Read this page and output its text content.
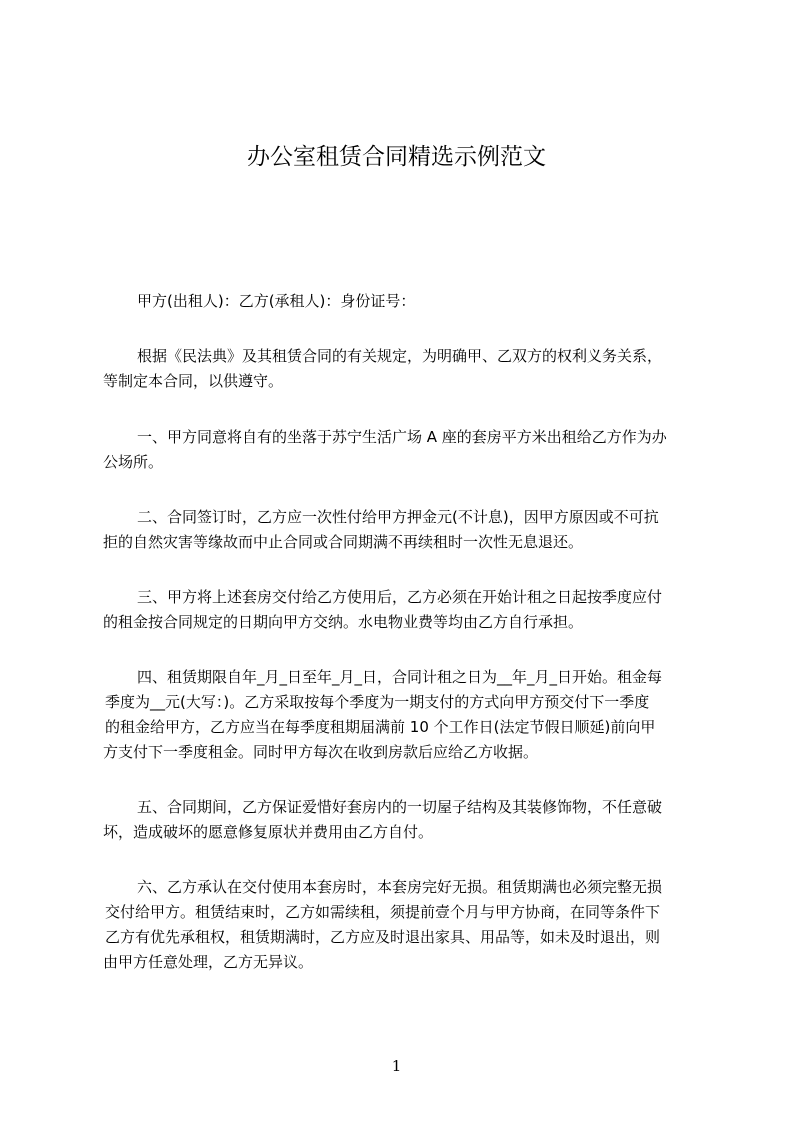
办公室租赁合同精选示例范文
甲方(出租人)：乙方(承租人)：身份证号：
根据《民法典》及其租赁合同的有关规定，为明确甲、乙双方的权利义务关系，
等制定本合同，以供遵守。
一、甲方同意将自有的坐落于苏宁生活广场 A 座的套房平方米出租给乙方作为办
公场所。
二、合同签订时，乙方应一次性付给甲方押金元(不计息)，因甲方原因或不可抗
拒的自然灾害等缘故而中止合同或合同期满不再续租时一次性无息退还。
三、甲方将上述套房交付给乙方使用后，乙方必须在开始计租之日起按季度应付
的租金按合同规定的日期向甲方交纳。水电物业费等均由乙方自行承担。
四、租赁期限自年_月_日至年_月_日，合同计租之日为__年_月_日开始。租金每
季度为__元(大写：)。乙方采取按每个季度为一期支付的方式向甲方预交付下一季度
的租金给甲方，乙方应当在每季度租期届满前 10 个工作日(法定节假日顺延)前向甲
方支付下一季度租金。同时甲方每次在收到房款后应给乙方收据。
五、合同期间，乙方保证爱惜好套房内的一切屋子结构及其装修饰物，不任意破
坏，造成破坏的愿意修复原状并费用由乙方自付。
六、乙方承认在交付使用本套房时，本套房完好无损。租赁期满也必须完整无损
交付给甲方。租赁结束时，乙方如需续租，须提前壹个月与甲方协商，在同等条件下
乙方有优先承租权，租赁期满时，乙方应及时退出家具、用品等，如未及时退出，则
由甲方任意处理，乙方无异议。
1
